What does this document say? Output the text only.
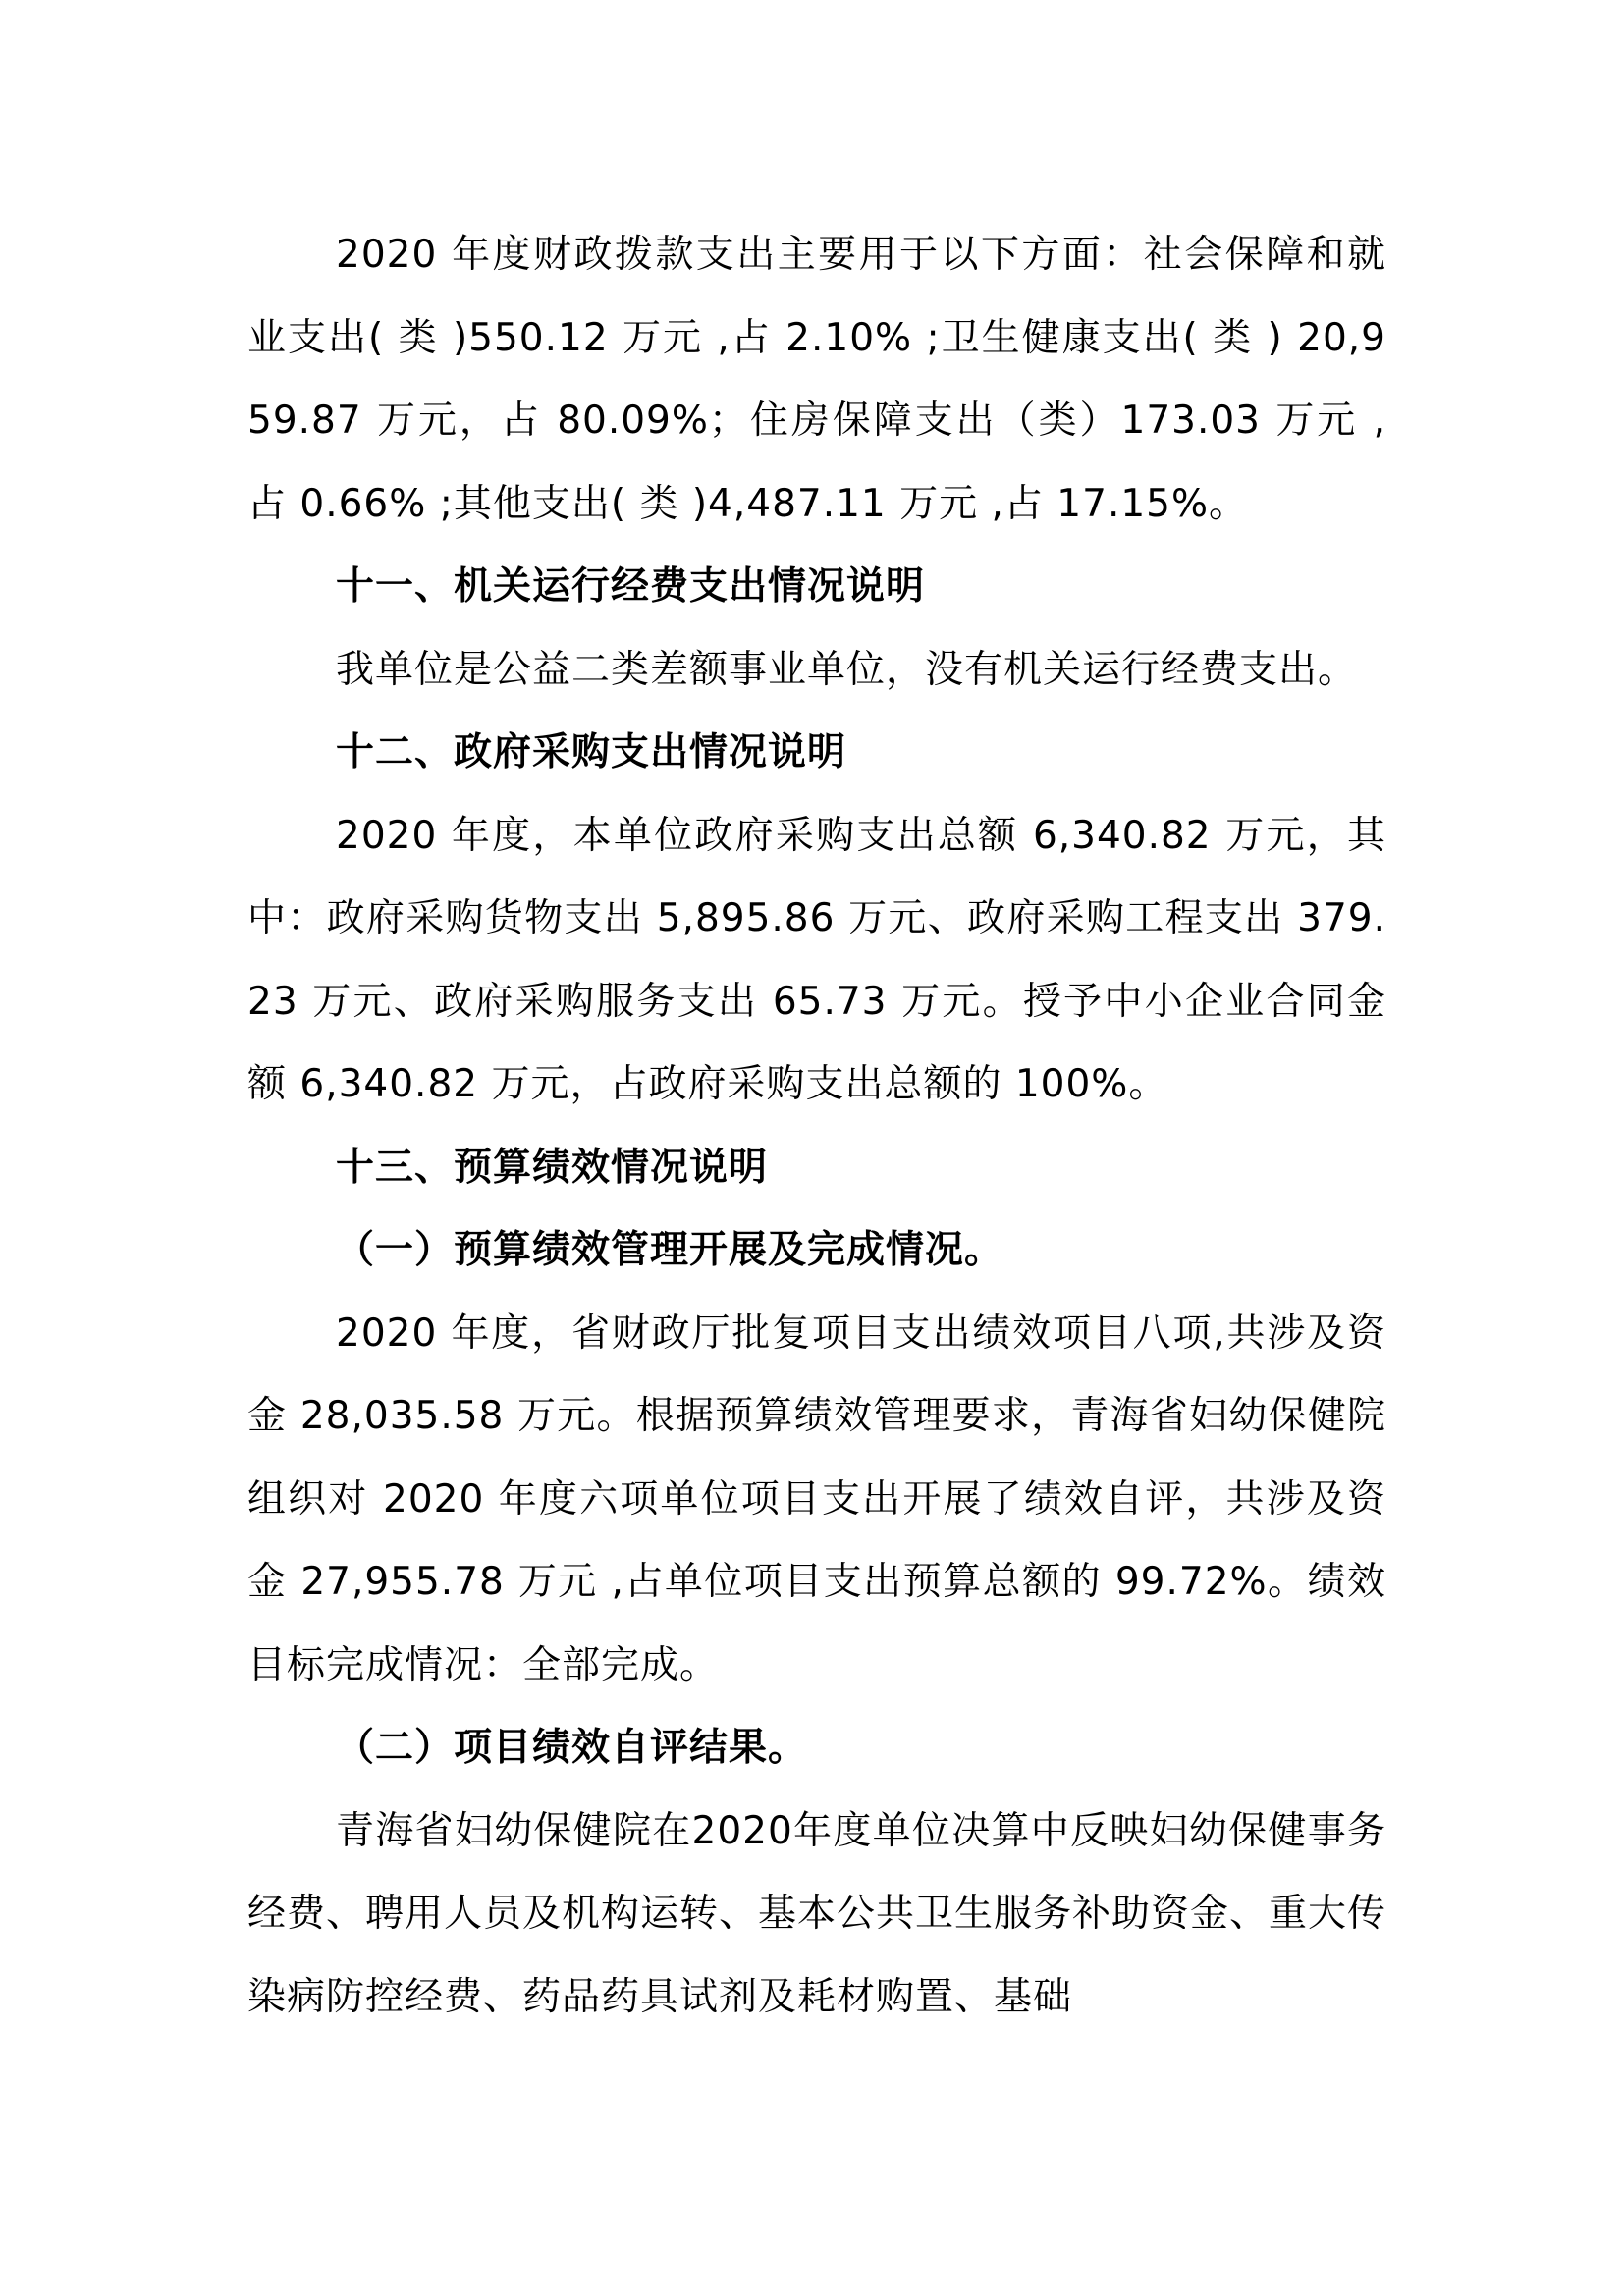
2020 年度财政拨款支出主要用于以下方面：社会保障和就业支出( 类 )550.12 万元 ,占 2.10% ;卫生健康支出( 类 ) 20,959.87 万元，占 80.09%；住房保障支出（类）173.03 万元 ,占 0.66% ;其他支出( 类 )4,487.11 万元 ,占 17.15%。

十一、机关运行经费支出情况说明

我单位是公益二类差额事业单位，没有机关运行经费支出。

十二、政府采购支出情况说明

2020 年度，本单位政府采购支出总额 6,340.82 万元，其中：政府采购货物支出 5,895.86 万元、政府采购工程支出 379.23 万元、政府采购服务支出 65.73 万元。授予中小企业合同金额 6,340.82 万元，占政府采购支出总额的 100%。

十三、预算绩效情况说明

（一）预算绩效管理开展及完成情况。

2020 年度，省财政厅批复项目支出绩效项目八项,共涉及资金 28,035.58 万元。根据预算绩效管理要求，青海省妇幼保健院组织对 2020 年度六项单位项目支出开展了绩效自评，共涉及资金 27,955.78 万元 ,占单位项目支出预算总额的 99.72%。绩效目标完成情况：全部完成。

（二）项目绩效自评结果。

青海省妇幼保健院在2020年度单位决算中反映妇幼保健事务经费、聘用人员及机构运转、基本公共卫生服务补助资金、重大传染病防控经费、药品药具试剂及耗材购置、基础
